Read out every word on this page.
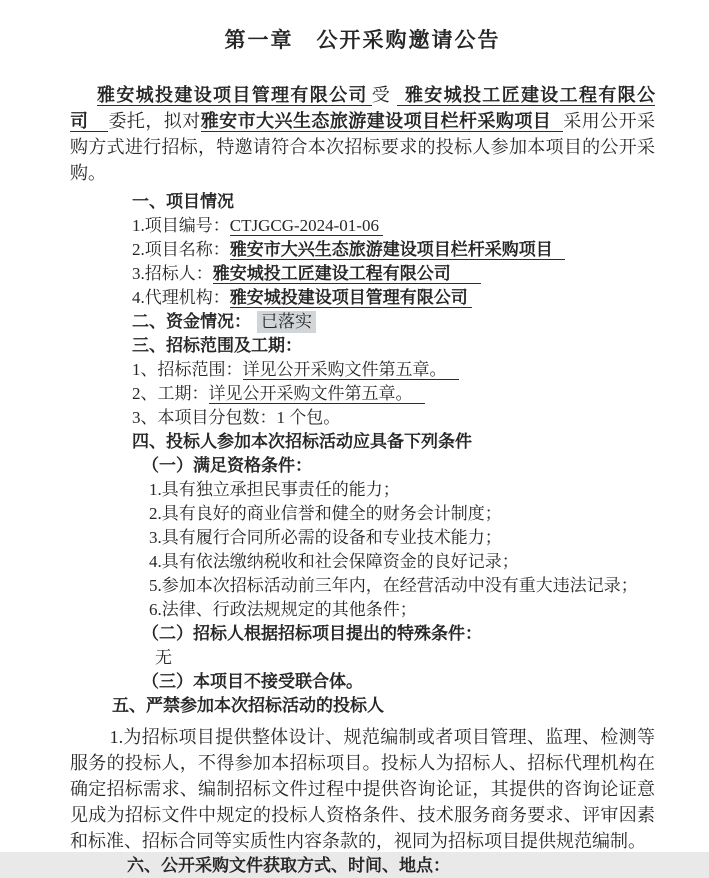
第一章　公开采购邀请公告

雅安城投建设项目管理有限公司 受 雅安城投工匠建设工程有限公司 委托，拟对雅安市大兴生态旅游建设项目栏杆采购项目 采用公开采购方式进行招标，特邀请符合本次招标要求的投标人参加本项目的公开采购。

一、项目情况
1.项目编号：CTJGCG-2024-01-06
2.项目名称：雅安市大兴生态旅游建设项目栏杆采购项目
3.招标人：雅安城投工匠建设工程有限公司
4.代理机构：雅安城投建设项目管理有限公司
二、资金情况： 已落实
三、招标范围及工期：
1、招标范围：详见公开采购文件第五章。
2、工期：详见公开采购文件第五章。
3、本项目分包数：1 个包。
四、投标人参加本次招标活动应具备下列条件
（一）满足资格条件：
1.具有独立承担民事责任的能力；
2.具有良好的商业信誉和健全的财务会计制度；
3.具有履行合同所必需的设备和专业技术能力；
4.具有依法缴纳税收和社会保障资金的良好记录；
5.参加本次招标活动前三年内，在经营活动中没有重大违法记录；
6.法律、行政法规规定的其他条件；
（二）招标人根据招标项目提出的特殊条件：
无
（三）本项目不接受联合体。
五、严禁参加本次招标活动的投标人

1.为招标项目提供整体设计、规范编制或者项目管理、监理、检测等服务的投标人，不得参加本招标项目。投标人为招标人、招标代理机构在确定招标需求、编制招标文件过程中提供咨询论证，其提供的咨询论证意见成为招标文件中规定的投标人资格条件、技术服务商务要求、评审因素和标准、招标合同等实质性内容条款的，视同为招标项目提供规范编制。

六、公开采购文件获取方式、时间、地点：
